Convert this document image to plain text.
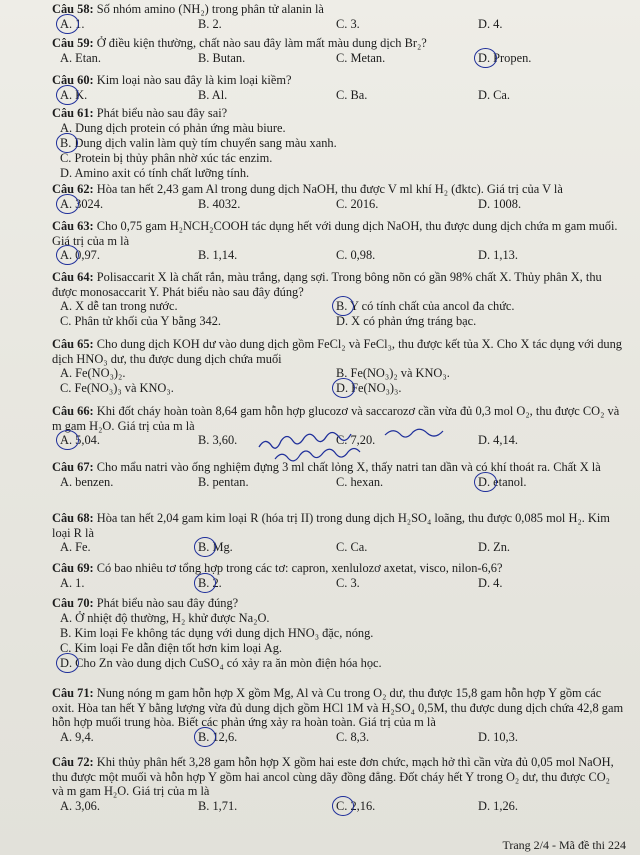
Câu 58: Số nhóm amino (NH₂) trong phân tử alanin là

A. 1.	B. 2.	C. 3.	D. 4.

Câu 59: Ở điều kiện thường, chất nào sau đây làm mất màu dung dịch Br₂?

A. Etan.	B. Butan.	C. Metan.	D. Propen.

Câu 60: Kim loại nào sau đây là kim loại kiềm?

A. K.	B. Al.	C. Ba.	D. Ca.

Câu 61: Phát biểu nào sau đây sai?

A. Dung dịch protein có phản ứng màu biure.
B. Dung dịch valin làm quỳ tím chuyển sang màu xanh.
C. Protein bị thủy phân nhờ xúc tác enzim.
D. Amino axit có tính chất lưỡng tính.

Câu 62: Hòa tan hết 2,43 gam Al trong dung dịch NaOH, thu được V ml khí H₂ (đktc). Giá trị của V là

A. 3024.	B. 4032.	C. 2016.	D. 1008.

Câu 63: Cho 0,75 gam H₂NCH₂COOH tác dụng hết với dung dịch NaOH, thu được dung dịch chứa m gam muối. Giá trị của m là

A. 0,97.	B. 1,14.	C. 0,98.	D. 1,13.

Câu 64: Polisaccarit X là chất rắn, màu trắng, dạng sợi. Trong bông nõn có gần 98% chất X. Thủy phân X, thu được monosaccarit Y. Phát biểu nào sau đây đúng?

A. X dễ tan trong nước.	B. Y có tính chất của ancol đa chức.
C. Phân tử khối của Y bằng 342.	D. X có phản ứng tráng bạc.

Câu 65: Cho dung dịch KOH dư vào dung dịch gồm FeCl₂ và FeCl₃, thu được kết tủa X. Cho X tác dụng với dung dịch HNO₃ dư, thu được dung dịch chứa muối

A. Fe(NO₃)₂.	B. Fe(NO₃)₂ và KNO₃.
C. Fe(NO₃)₃ và KNO₃.	D. Fe(NO₃)₃.

Câu 66: Khi đốt cháy hoàn toàn 8,64 gam hỗn hợp glucozơ và saccarozơ cần vừa đủ 0,3 mol O₂, thu được CO₂ và m gam H₂O. Giá trị của m là

A. 5,04.	B. 3,60.	C. 7,20.	D. 4,14.

Câu 67: Cho mẩu natri vào ống nghiệm đựng 3 ml chất lỏng X, thấy natri tan dần và có khí thoát ra. Chất X là

A. benzen.	B. pentan.	C. hexan.	D. etanol.

Câu 68: Hòa tan hết 2,04 gam kim loại R (hóa trị II) trong dung dịch H₂SO₄ loãng, thu được 0,085 mol H₂. Kim loại R là

A. Fe.	B. Mg.	C. Ca.	D. Zn.

Câu 69: Có bao nhiêu tơ tổng hợp trong các tơ: capron, xenlulozơ axetat, visco, nilon-6,6?

A. 1.	B. 2.	C. 3.	D. 4.

Câu 70: Phát biểu nào sau đây đúng?

A. Ở nhiệt độ thường, H₂ khử được Na₂O.
B. Kim loại Fe không tác dụng với dung dịch HNO₃ đặc, nóng.
C. Kim loại Fe dẫn điện tốt hơn kim loại Ag.
D. Cho Zn vào dung dịch CuSO₄ có xảy ra ăn mòn điện hóa học.

Câu 71: Nung nóng m gam hỗn hợp X gồm Mg, Al và Cu trong O₂ dư, thu được 15,8 gam hỗn hợp Y gồm các oxit. Hòa tan hết Y bằng lượng vừa đủ dung dịch gồm HCl 1M và H₂SO₄ 0,5M, thu được dung dịch chứa 42,8 gam hỗn hợp muối trung hòa. Biết các phản ứng xảy ra hoàn toàn. Giá trị của m là

A. 9,4.	B. 12,6.	C. 8,3.	D. 10,3.

Câu 72: Khi thủy phân hết 3,28 gam hỗn hợp X gồm hai este đơn chức, mạch hở thì cần vừa đủ 0,05 mol NaOH, thu được một muối và hỗn hợp Y gồm hai ancol cùng dãy đồng đẳng. Đốt cháy hết Y trong O₂ dư, thu được CO₂ và m gam H₂O. Giá trị của m là

A. 3,06.	B. 1,71.	C. 2,16.	D. 1,26.
Trang 2/4 - Mã đề thi 224
